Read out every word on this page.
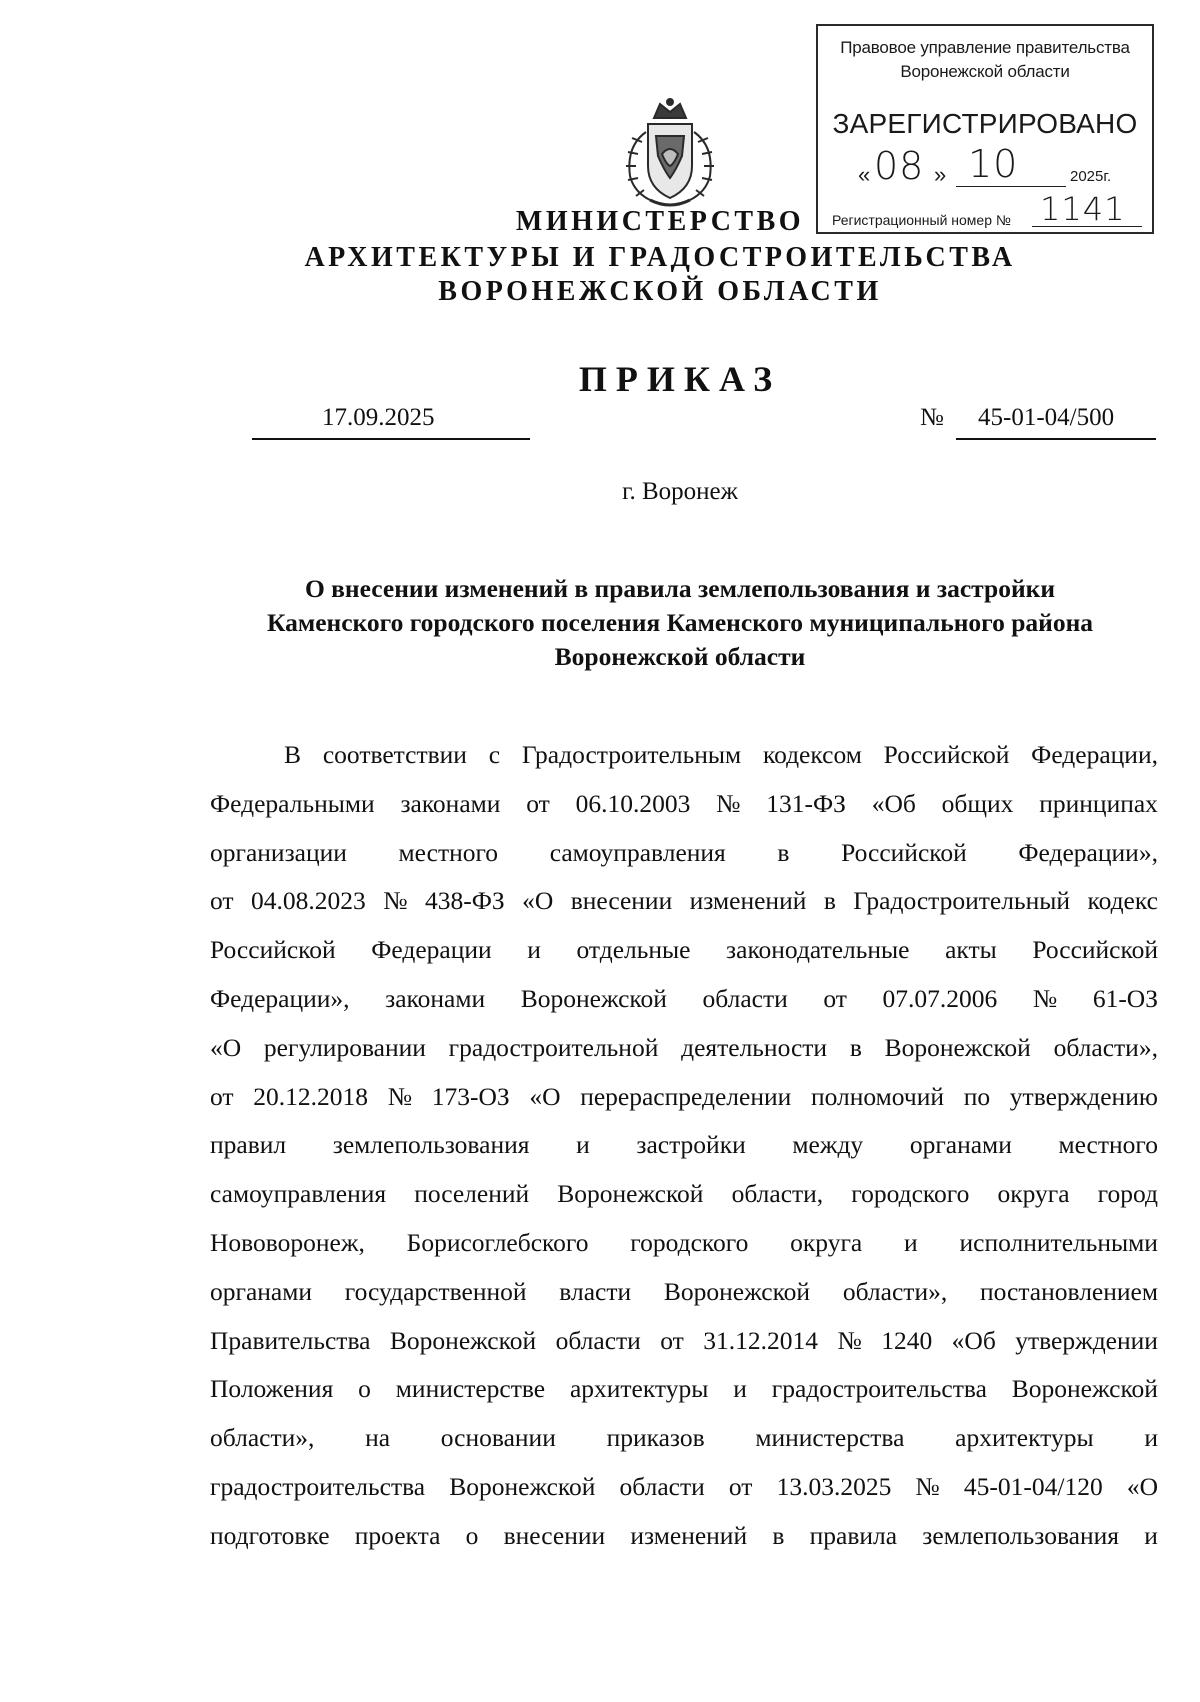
Правовое управление правительства
Воронежской области
ЗАРЕГИСТРИРОВАНО
« 08 » 10	2025г.
Регистрационный номер № 1141
МИНИСТЕРСТВО
АРХИТЕКТУРЫ И ГРАДОСТРОИТЕЛЬСТВА
ВОРОНЕЖСКОЙ ОБЛАСТИ
ПРИКАЗ
17.09.2025	№ 45-01-04/500
г. Воронеж
О внесении изменений в правила землепользования и застройки
Каменского городского поселения Каменского муниципального района
Воронежской области
В соответствии с Градостроительным кодексом Российской Федерации,
Федеральными законами от 06.10.2003 № 131-ФЗ «Об общих принципах
организации местного самоуправления в Российской Федерации»,
от 04.08.2023 № 438-ФЗ «О внесении изменений в Градостроительный кодекс
Российской Федерации и отдельные законодательные акты Российской
Федерации», законами Воронежской области от 07.07.2006 № 61-ОЗ
«О регулировании градостроительной деятельности в Воронежской области»,
от 20.12.2018 № 173-ОЗ «О перераспределении полномочий по утверждению
правил землепользования и застройки между органами местного
самоуправления поселений Воронежской области, городского округа город
Нововоронеж, Борисоглебского городского округа и исполнительными
органами государственной власти Воронежской области», постановлением
Правительства Воронежской области от 31.12.2014 № 1240 «Об утверждении
Положения о министерстве архитектуры и градостроительства Воронежской
области», на основании приказов министерства архитектуры и
градостроительства Воронежской области от 13.03.2025 № 45-01-04/120 «О
подготовке проекта о внесении изменений в правила землепользования и
